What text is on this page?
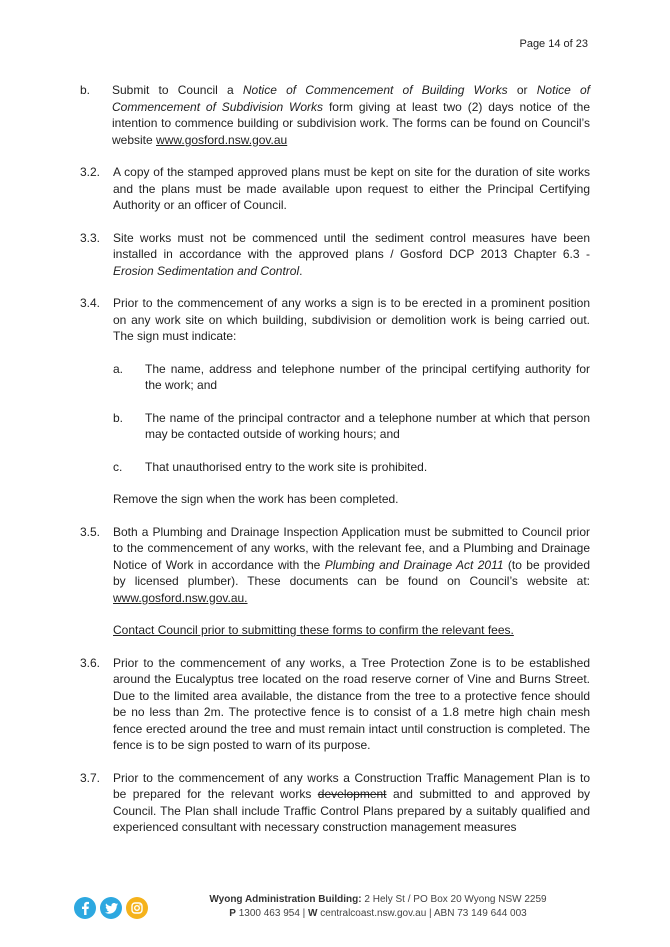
Page 14 of 23
b. Submit to Council a Notice of Commencement of Building Works or Notice of Commencement of Subdivision Works form giving at least two (2) days notice of the intention to commence building or subdivision work. The forms can be found on Council’s website www.gosford.nsw.gov.au
3.2. A copy of the stamped approved plans must be kept on site for the duration of site works and the plans must be made available upon request to either the Principal Certifying Authority or an officer of Council.
3.3. Site works must not be commenced until the sediment control measures have been installed in accordance with the approved plans / Gosford DCP 2013 Chapter 6.3 - Erosion Sedimentation and Control.
3.4. Prior to the commencement of any works a sign is to be erected in a prominent position on any work site on which building, subdivision or demolition work is being carried out. The sign must indicate:
a. The name, address and telephone number of the principal certifying authority for the work; and
b. The name of the principal contractor and a telephone number at which that person may be contacted outside of working hours; and
c. That unauthorised entry to the work site is prohibited.
Remove the sign when the work has been completed.
3.5. Both a Plumbing and Drainage Inspection Application must be submitted to Council prior to the commencement of any works, with the relevant fee, and a Plumbing and Drainage Notice of Work in accordance with the Plumbing and Drainage Act 2011 (to be provided by licensed plumber). These documents can be found on Council’s website at: www.gosford.nsw.gov.au.
Contact Council prior to submitting these forms to confirm the relevant fees.
3.6. Prior to the commencement of any works, a Tree Protection Zone is to be established around the Eucalyptus tree located on the road reserve corner of Vine and Burns Street. Due to the limited area available, the distance from the tree to a protective fence should be no less than 2m. The protective fence is to consist of a 1.8 metre high chain mesh fence erected around the tree and must remain intact until construction is completed. The fence is to be sign posted to warn of its purpose.
3.7. Prior to the commencement of any works a Construction Traffic Management Plan is to be prepared for the relevant works development and submitted to and approved by Council. The Plan shall include Traffic Control Plans prepared by a suitably qualified and experienced consultant with necessary construction management measures
Wyong Administration Building: 2 Hely St / PO Box 20 Wyong NSW 2259
P 1300 463 954 | W centralcoast.nsw.gov.au | ABN 73 149 644 003
